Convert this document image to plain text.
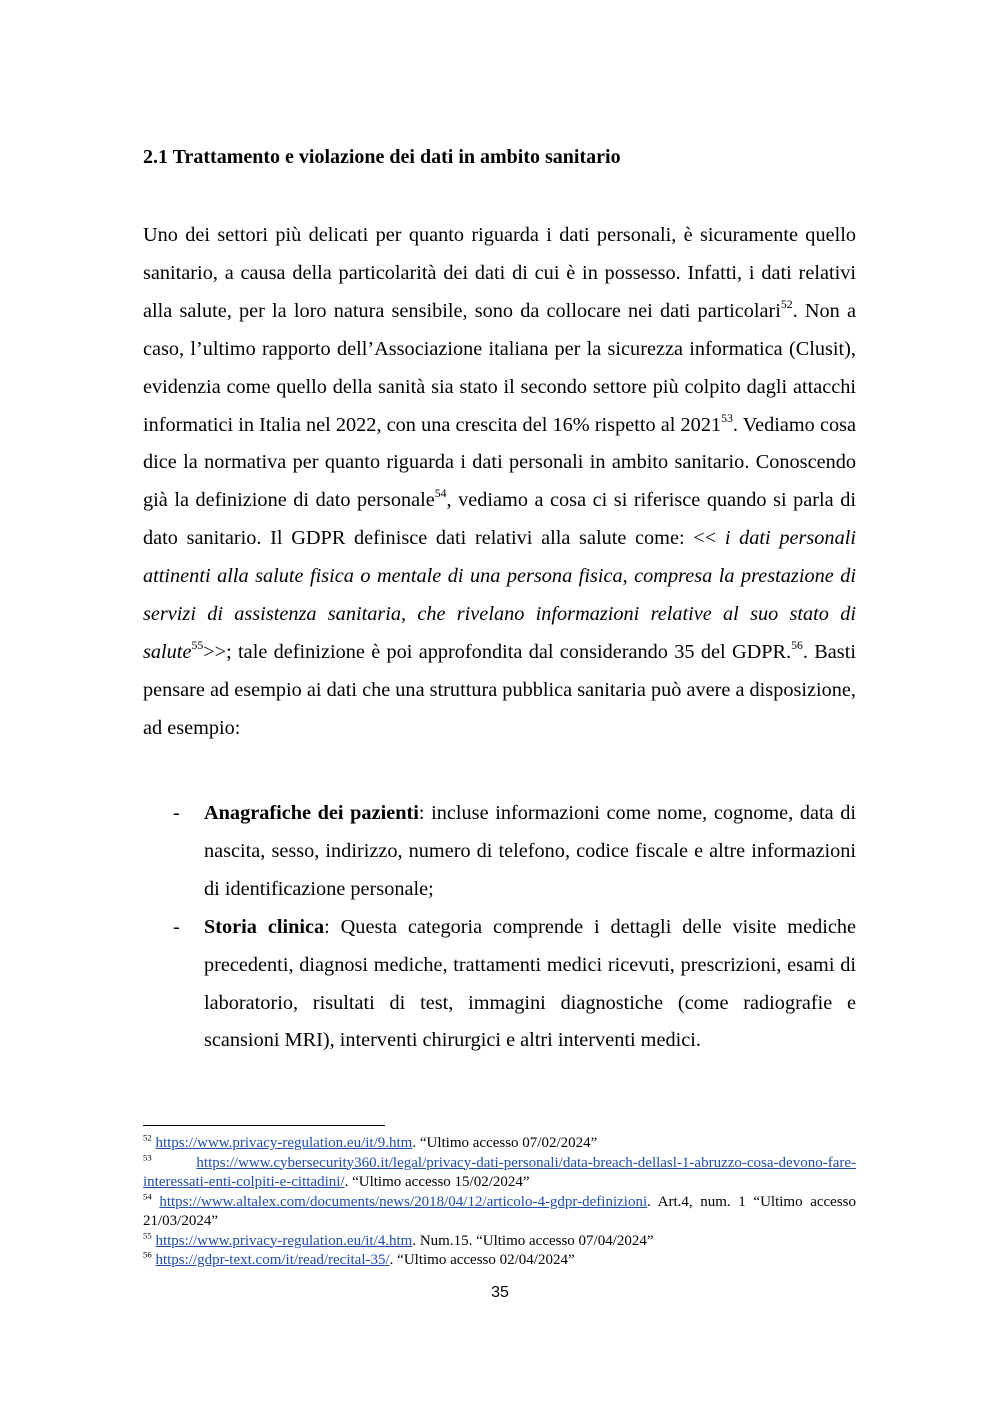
2.1 Trattamento e violazione dei dati in ambito sanitario

Uno dei settori più delicati per quanto riguarda i dati personali, è sicuramente quello sanitario, a causa della particolarità dei dati di cui è in possesso. Infatti, i dati relativi alla salute, per la loro natura sensibile, sono da collocare nei dati particolari$^{52}$. Non a caso, l’ultimo rapporto dell’Associazione italiana per la sicurezza informatica (Clusit), evidenzia come quello della sanità sia stato il secondo settore più colpito dagli attacchi informatici in Italia nel 2022, con una crescita del 16% rispetto al 2021$^{53}$. Vediamo cosa dice la normativa per quanto riguarda i dati personali in ambito sanitario. Conoscendo già la definizione di dato personale$^{54}$, vediamo a cosa ci si riferisce quando si parla di dato sanitario. Il GDPR definisce dati relativi alla salute come: << i dati personali attinenti alla salute fisica o mentale di una persona fisica, compresa la prestazione di servizi di assistenza sanitaria, che rivelano informazioni relative al suo stato di salute$^{55}$>>; tale definizione è poi approfondita dal considerando 35 del GDPR.$^{56}$. Basti pensare ad esempio ai dati che una struttura pubblica sanitaria può avere a disposizione, ad esempio:

- Anagrafiche dei pazienti: incluse informazioni come nome, cognome, data di nascita, sesso, indirizzo, numero di telefono, codice fiscale e altre informazioni di identificazione personale;
- Storia clinica: Questa categoria comprende i dettagli delle visite mediche precedenti, diagnosi mediche, trattamenti medici ricevuti, prescrizioni, esami di laboratorio, risultati di test, immagini diagnostiche (come radiografie e scansioni MRI), interventi chirurgici e altri interventi medici.

$^{52}$ https://www.privacy-regulation.eu/it/9.htm. “Ultimo accesso 07/02/2024”

$^{53}$	https://www.cybersecurity360.it/legal/privacy-dati-personali/data-breach-dellasl-1-abruzzo-cosa-devono-fare-interessati-enti-colpiti-e-cittadini/. “Ultimo accesso 15/02/2024”

$^{54}$ https://www.altalex.com/documents/news/2018/04/12/articolo-4-gdpr-definizioni. Art.4, num. 1 “Ultimo accesso 21/03/2024”

$^{55}$ https://www.privacy-regulation.eu/it/4.htm. Num.15. “Ultimo accesso 07/04/2024”

$^{56}$ https://gdpr-text.com/it/read/recital-35/. “Ultimo accesso 02/04/2024”

35
